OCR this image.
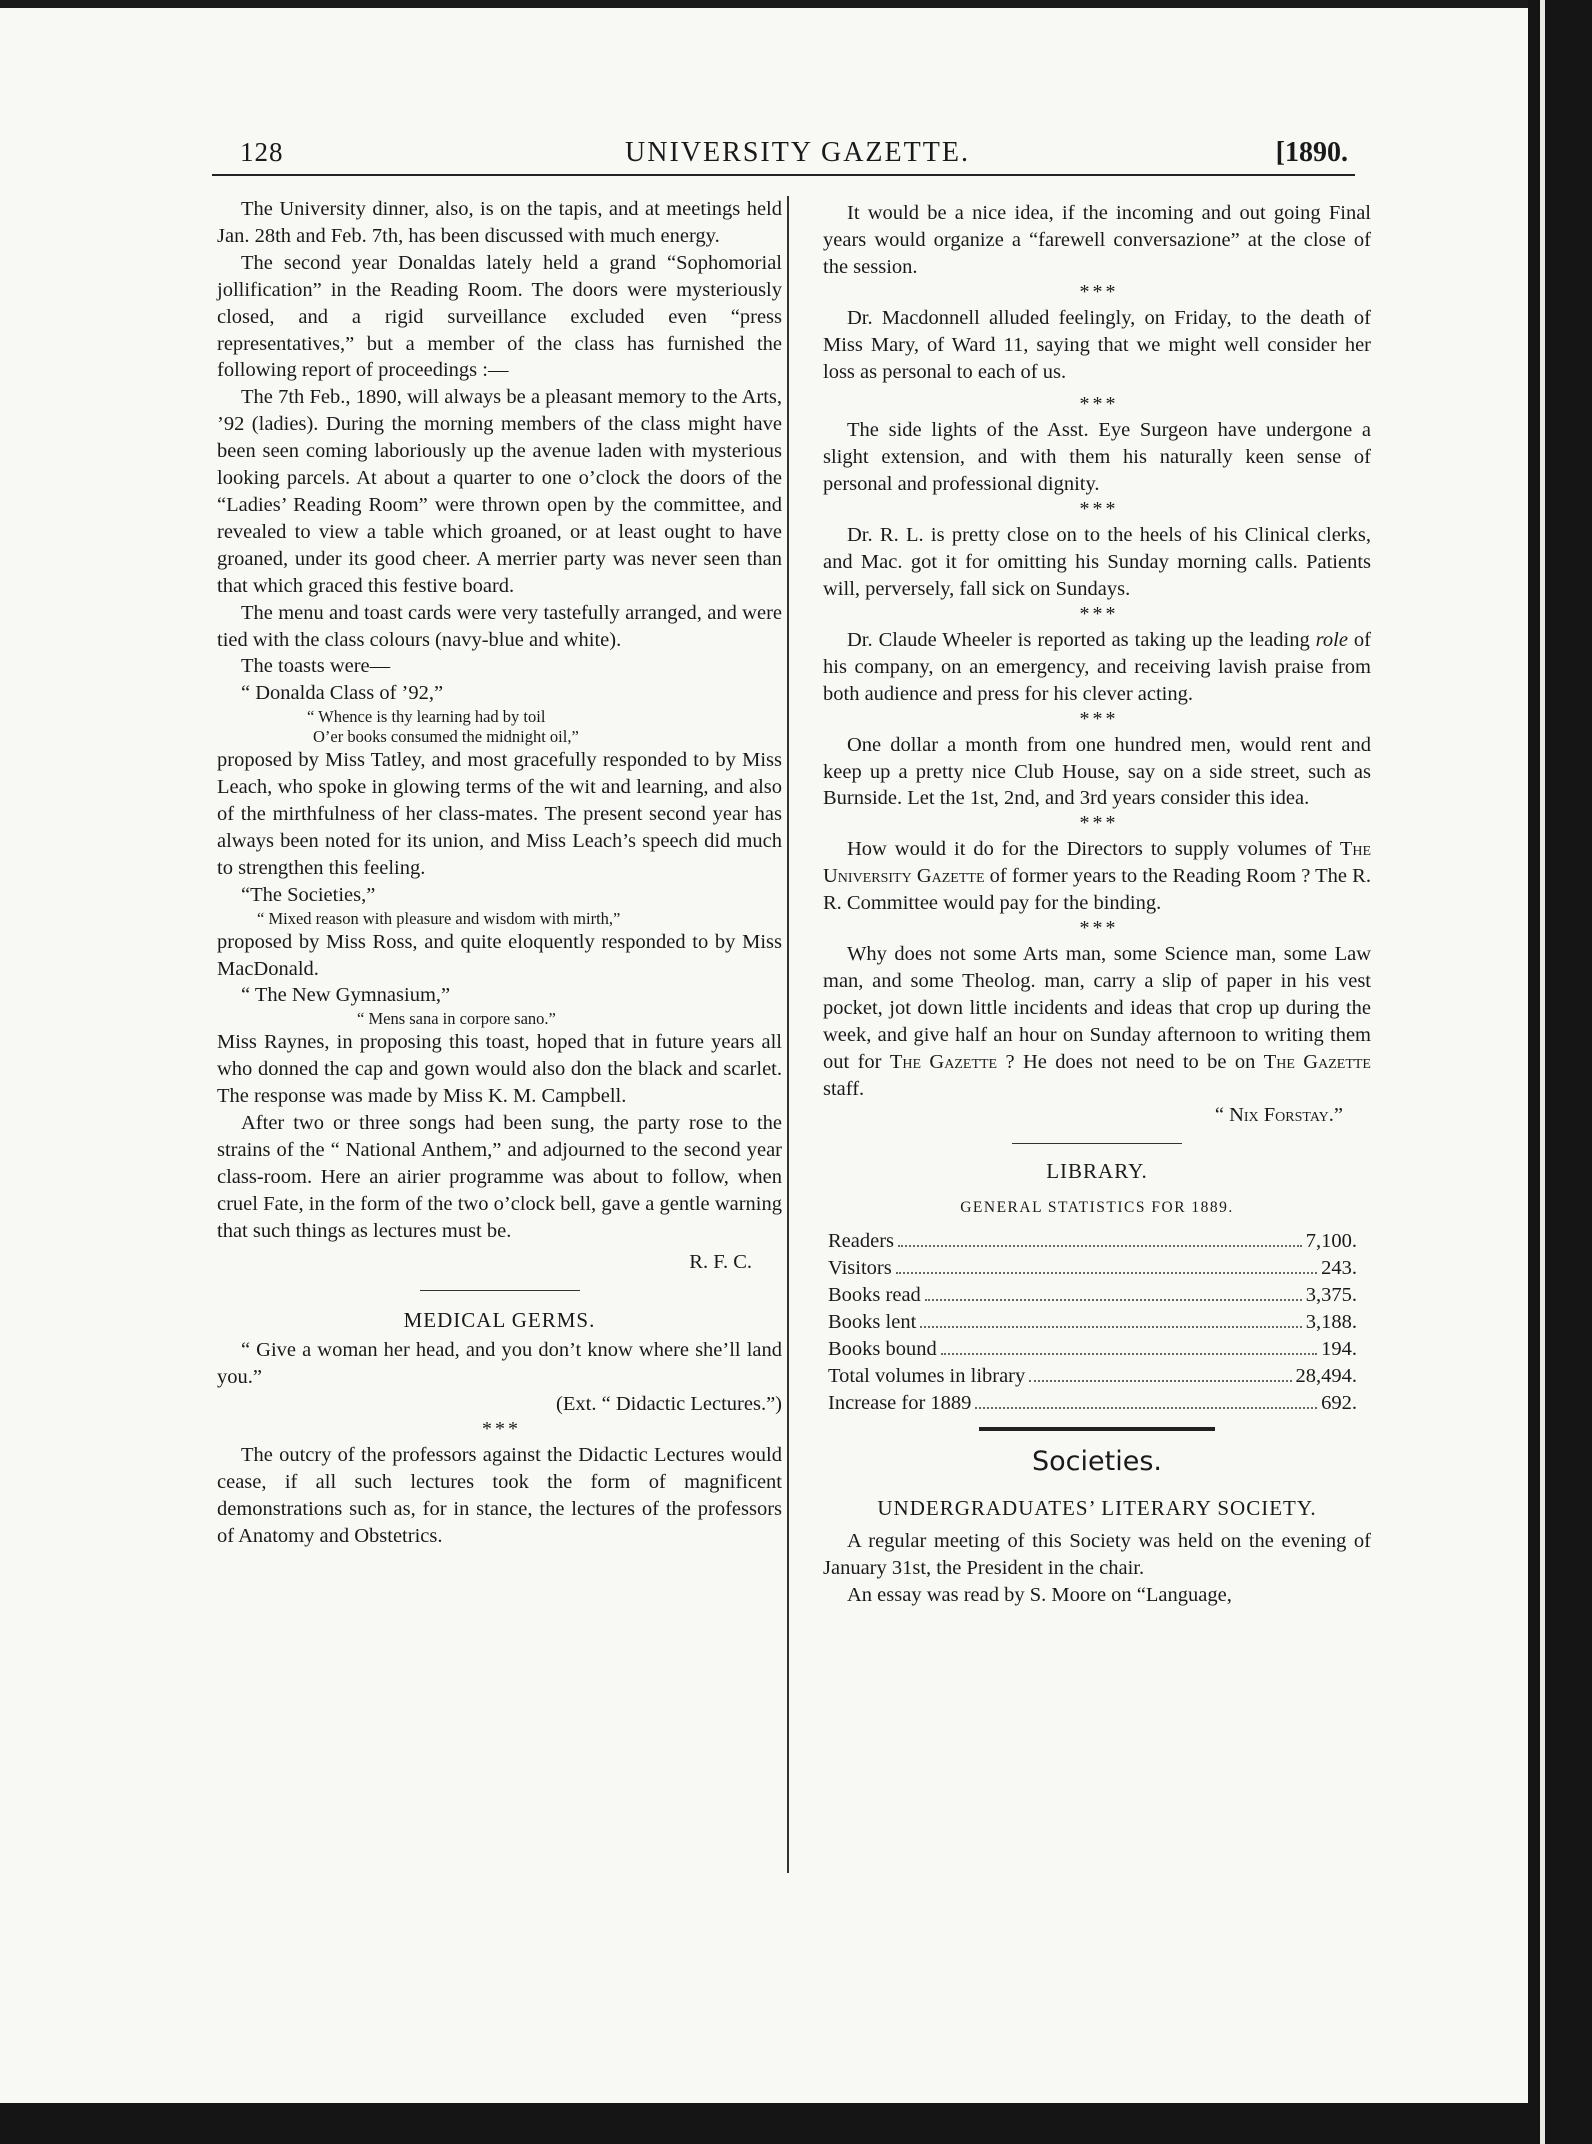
128	UNIVERSITY GAZETTE.	[1890.

The University dinner, also, is on the tapis, and at meetings held Jan. 28th and Feb. 7th, has been discussed with much energy.

The second year Donaldas lately held a grand “Sophomorial jollification” in the Reading Room. The doors were mysteriously closed, and a rigid surveillance excluded even “press representatives,” but a member of the class has furnished the following report of proceedings :—

The 7th Feb., 1890, will always be a pleasant memory to the Arts, ’92 (ladies). During the morning members of the class might have been seen coming laboriously up the avenue laden with mysterious looking parcels. At about a quarter to one o’clock the doors of the “Ladies’ Reading Room” were thrown open by the committee, and revealed to view a table which groaned, or at least ought to have groaned, under its good cheer. A merrier party was never seen than that which graced this festive board.

The menu and toast cards were very tastefully arranged, and were tied with the class colours (navy-blue and white).

The toasts were—

“ Donalda Class of ’92,”

“ Whence is thy learning had by toil

O’er books consumed the midnight oil,”

proposed by Miss Tatley, and most gracefully responded to by Miss Leach, who spoke in glowing terms of the wit and learning, and also of the mirthfulness of her class-mates. The present second year has always been noted for its union, and Miss Leach’s speech did much to strengthen this feeling.

“The Societies,”

“ Mixed reason with pleasure and wisdom with mirth,”

proposed by Miss Ross, and quite eloquently responded to by Miss MacDonald.

“ The New Gymnasium,”

“ Mens sana in corpore sano.”

Miss Raynes, in proposing this toast, hoped that in future years all who donned the cap and gown would also don the black and scarlet. The response was made by Miss K. M. Campbell.

After two or three songs had been sung, the party rose to the strains of the “ National Anthem,” and adjourned to the second year class-room. Here an airier programme was about to follow, when cruel Fate, in the form of the two o’clock bell, gave a gentle warning that such things as lectures must be.

R. F. C.

MEDICAL GERMS.

“ Give a woman her head, and you don’t know where she’ll land you.”

(Ext. “ Didactic Lectures.”)

* * *

The outcry of the professors against the Didactic Lectures would cease, if all such lectures took the form of magnificent demonstrations such as, for in stance, the lectures of the professors of Anatomy and Obstetrics.

It would be a nice idea, if the incoming and out going Final years would organize a “farewell conversazione” at the close of the session.

* * *

Dr. Macdonnell alluded feelingly, on Friday, to the death of Miss Mary, of Ward 11, saying that we might well consider her loss as personal to each of us.

* * *

The side lights of the Asst. Eye Surgeon have undergone a slight extension, and with them his naturally keen sense of personal and professional dignity.

* * *

Dr. R. L. is pretty close on to the heels of his Clinical clerks, and Mac. got it for omitting his Sunday morning calls. Patients will, perversely, fall sick on Sundays.

* * *

Dr. Claude Wheeler is reported as taking up the leading role of his company, on an emergency, and receiving lavish praise from both audience and press for his clever acting.

* * *

One dollar a month from one hundred men, would rent and keep up a pretty nice Club House, say on a side street, such as Burnside. Let the 1st, 2nd, and 3rd years consider this idea.

* * *

How would it do for the Directors to supply volumes of The University Gazette of former years to the Reading Room ? The R. R. Committee would pay for the binding.

* * *

Why does not some Arts man, some Science man, some Law man, and some Theolog. man, carry a slip of paper in his vest pocket, jot down little incidents and ideas that crop up during the week, and give half an hour on Sunday afternoon to writing them out for The Gazette ? He does not need to be on The Gazette staff.

“ Nix Forstay.”

LIBRARY.
GENERAL STATISTICS FOR 1889.
Readers	7,100.
Visitors	243.
Books read	3,375.
Books lent	3,188.
Books bound	194.
Total volumes in library	28,494.
Increase for 1889	692.
Societies.
UNDERGRADUATES’ LITERARY SOCIETY.

A regular meeting of this Society was held on the evening of January 31st, the President in the chair.

An essay was read by S. Moore on “Language,
